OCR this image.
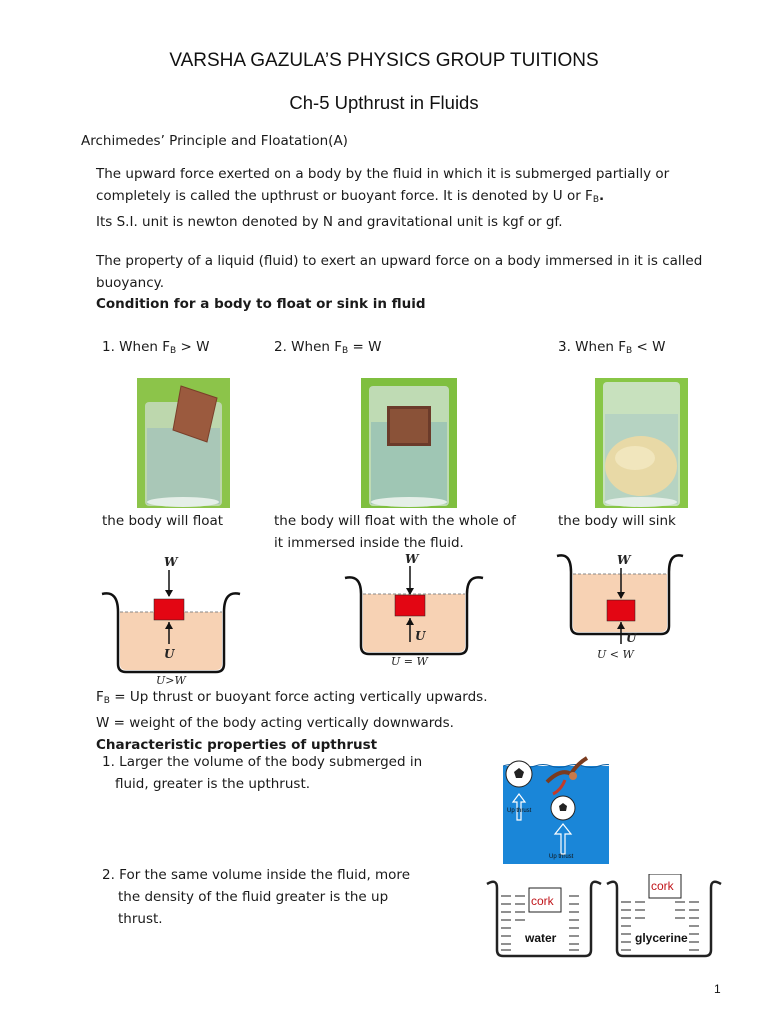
VARSHA GAZULA’S PHYSICS GROUP TUITIONS
Ch-5 Upthrust in Fluids
Archimedes’ Principle and Floatation(A)
The upward force exerted on a body by the fluid in which it is submerged partially or
completely is called the upthrust or buoyant force. It is denoted by U or $F_B$.
Its S.I. unit is newton denoted by N and gravitational unit is kgf or gf.
The property of a liquid (fluid) to exert an upward force on a body immersed in it is called
buoyancy.
Condition for a body to float or sink in fluid
1. When $F_B > W$	2. When $F_B = W$	3. When $F_B < W$
the body will float	the body will float with the whole of
it immersed inside the fluid.
the body will sink
W
U
U>W
W
U
U = W
W
U
U < W
$F_B = Up$ thrust or buoyant force acting vertically upwards.
W = weight of the body acting vertically downwards.
Characteristic properties of upthrust
1. Larger the volume of the body submerged in
fluid, greater is the upthrust.
2. For the same volume inside the fluid, more
the density of the fluid greater is the up
thrust.
Up thrust
Up thrust
cork
water
cork
glycerine
1
